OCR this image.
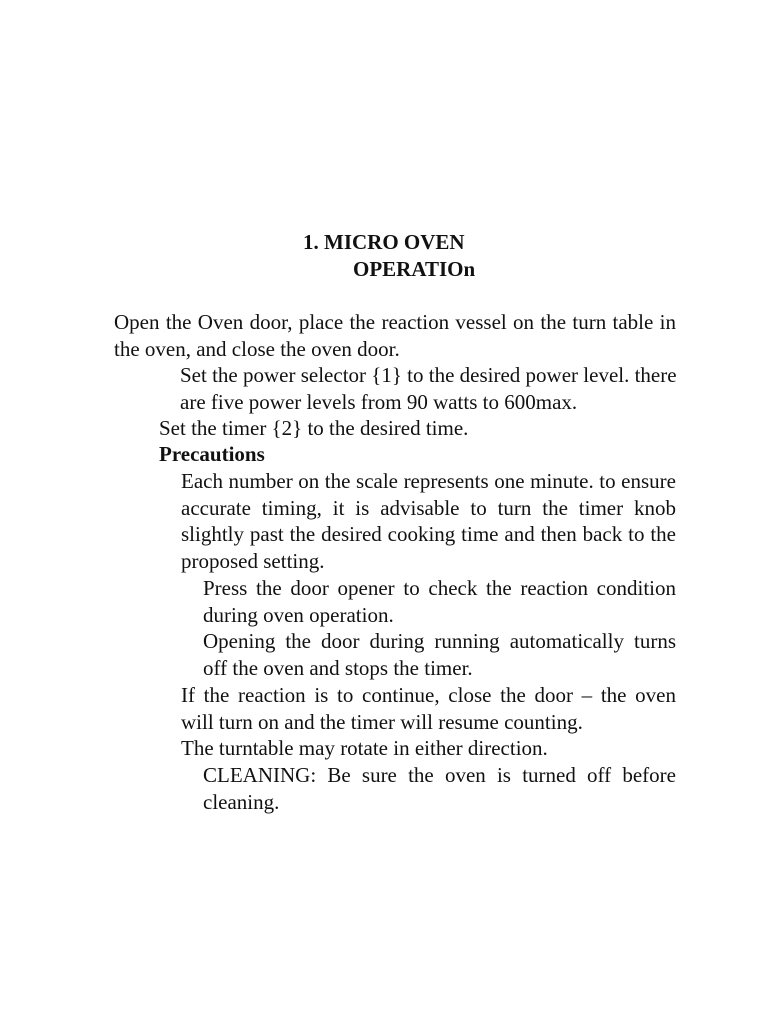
1. MICRO OVEN
OPERATIOn

Open the Oven door, place the reaction vessel on the turn table in the oven, and close the oven door.

Set the power selector {1} to the desired power level. there are five power levels from 90 watts to 600max.

Set the timer {2} to the desired time.

Precautions

Each number on the scale represents one minute. to ensure accurate timing, it is advisable to turn the timer knob slightly past the desired cooking time and then back to the proposed setting.

Press the door opener to check the reaction condition during oven operation.

Opening the door during running automatically turns off the oven and stops the timer.

If the reaction is to continue, close the door – the oven will turn on and the timer will resume counting.

The turntable may rotate in either direction.

CLEANING: Be sure the oven is turned off before cleaning.
